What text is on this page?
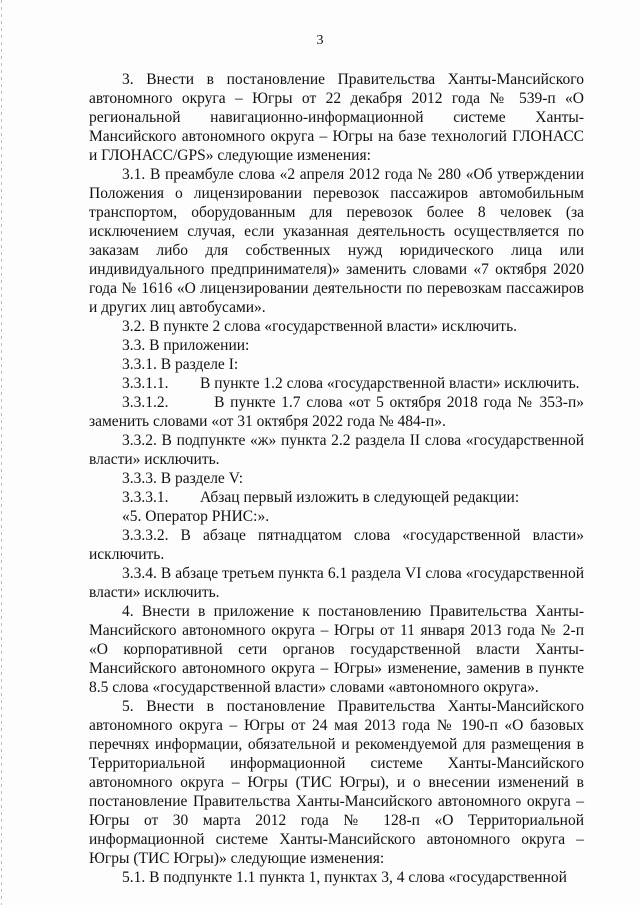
3

3. Внести в постановление Правительства Ханты-Мансийского автономного округа – Югры от 22 декабря 2012 года № 539-п «О региональной навигационно-информационной системе Ханты-Мансийского автономного округа – Югры на базе технологий ГЛОНАСС и ГЛОНАСС/GPS» следующие изменения:

3.1. В преамбуле слова «2 апреля 2012 года № 280 «Об утверждении Положения о лицензировании перевозок пассажиров автомобильным транспортом, оборудованным для перевозок более 8 человек (за исключением случая, если указанная деятельность осуществляется по заказам либо для собственных нужд юридического лица или индивидуального предпринимателя)» заменить словами «7 октября 2020 года № 1616 «О лицензировании деятельности по перевозкам пассажиров и других лиц автобусами».

3.2. В пункте 2 слова «государственной власти» исключить.

3.3. В приложении:

3.3.1. В разделе I:

3.3.1.1.	В пункте 1.2 слова «государственной власти» исключить.

3.3.1.2.	В пункте 1.7 слова «от 5 октября 2018 года № 353-п» заменить словами «от 31 октября 2022 года № 484-п».

3.3.2. В подпункте «ж» пункта 2.2 раздела II слова «государственной власти» исключить.

3.3.3. В разделе V:

3.3.3.1.	Абзац первый изложить в следующей редакции:

«5. Оператор РНИС:».

3.3.3.2. В абзаце пятнадцатом слова «государственной власти» исключить.

3.3.4. В абзаце третьем пункта 6.1 раздела VI слова «государственной власти» исключить.

4. Внести в приложение к постановлению Правительства Ханты-Мансийского автономного округа – Югры от 11 января 2013 года № 2-п «О корпоративной сети органов государственной власти Ханты-Мансийского автономного округа – Югры» изменение, заменив в пункте 8.5 слова «государственной власти» словами «автономного округа».

5. Внести в постановление Правительства Ханты-Мансийского автономного округа – Югры от 24 мая 2013 года № 190-п «О базовых перечнях информации, обязательной и рекомендуемой для размещения в Территориальной информационной системе Ханты-Мансийского автономного округа – Югры (ТИС Югры), и о внесении изменений в постановление Правительства Ханты-Мансийского автономного округа – Югры от 30 марта 2012 года № 128-п «О Территориальной информационной системе Ханты-Мансийского автономного округа – Югры (ТИС Югры)» следующие изменения:

5.1. В подпункте 1.1 пункта 1, пунктах 3, 4 слова «государственной
